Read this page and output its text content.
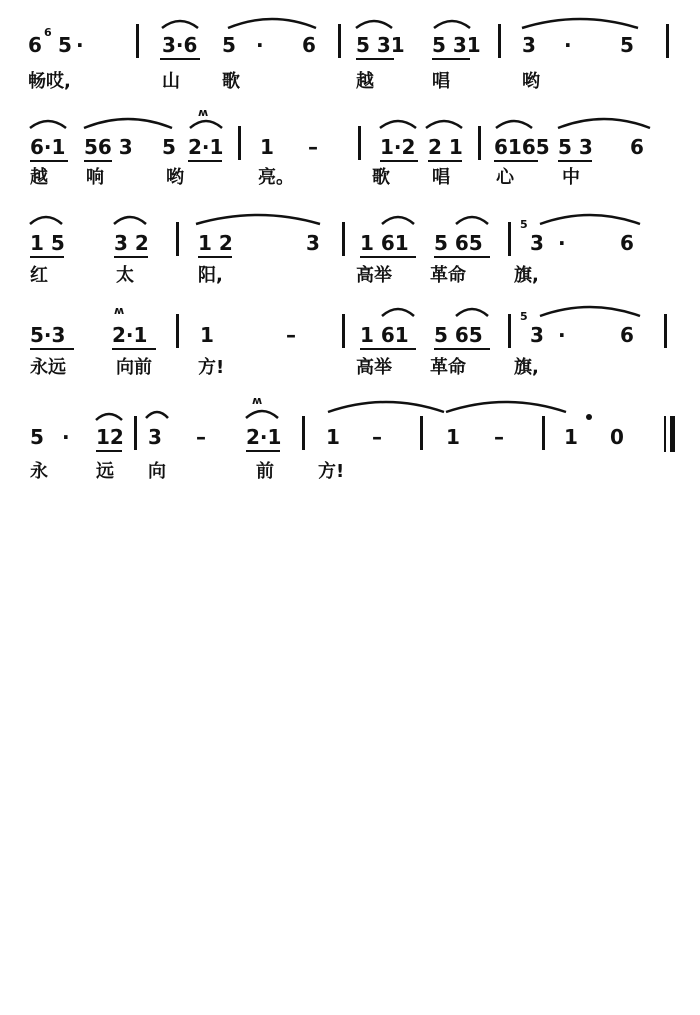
6
6
5 ·	3·6 5 · 6 5 31 5 31 3 · 5
畅哎,	山 歌	越	唱	哟
ʍ
6·1 56 3 5 2·1 1 –	1·2 2 1 6165 5 3 6
越 响	哟	亮。	歌 唱	心	中
1 5 3 2 1 2	3 1 61 5 65
5
3 ·	6
红	太	阳,	高举 革命	旗,
ʍ
5·3 2·1	1	–	1 61 5 65
5
3 ·	6
永远	向前	方!	高举 革命	旗,
ʍ
5 · 12 3 – 2·1 1 –	1 –	1 0
永	远 向	前 方!
